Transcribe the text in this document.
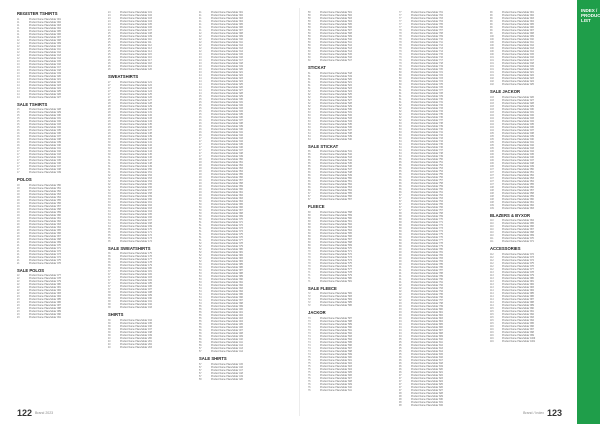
REGISTER TSHIRTS
11	Product Name Placeholder 001
11	Product Name Placeholder 002
11	Product Name Placeholder 003
11	Product Name Placeholder 004
11	Product Name Placeholder 005
11	Product Name Placeholder 006
11	Product Name Placeholder 007
12	Product Name Placeholder 008
12	Product Name Placeholder 009
12	Product Name Placeholder 010
12	Product Name Placeholder 011
12	Product Name Placeholder 012
12	Product Name Placeholder 013
12	Product Name Placeholder 014
13	Product Name Placeholder 015
13	Product Name Placeholder 016
13	Product Name Placeholder 017
13	Product Name Placeholder 018
13	Product Name Placeholder 019
13	Product Name Placeholder 020
14	Product Name Placeholder 021
14	Product Name Placeholder 022
14	Product Name Placeholder 023
14	Product Name Placeholder 024
14	Product Name Placeholder 025
14	Product Name Placeholder 026
14	Product Name Placeholder 027
SALE TSHIRTS
15	Product Name Placeholder 028
15	Product Name Placeholder 029
15	Product Name Placeholder 030
15	Product Name Placeholder 031
15	Product Name Placeholder 032
15	Product Name Placeholder 033
15	Product Name Placeholder 034
16	Product Name Placeholder 035
16	Product Name Placeholder 036
16	Product Name Placeholder 037
16	Product Name Placeholder 038
16	Product Name Placeholder 039
16	Product Name Placeholder 040
16	Product Name Placeholder 041
17	Product Name Placeholder 042
17	Product Name Placeholder 043
17	Product Name Placeholder 044
17	Product Name Placeholder 045
17	Product Name Placeholder 046
17	Product Name Placeholder 047
17	Product Name Placeholder 048
17	Product Name Placeholder 049
POLOS
18	Product Name Placeholder 050
18	Product Name Placeholder 051
18	Product Name Placeholder 052
18	Product Name Placeholder 053
18	Product Name Placeholder 054
18	Product Name Placeholder 055
19	Product Name Placeholder 056
19	Product Name Placeholder 057
19	Product Name Placeholder 058
19	Product Name Placeholder 059
19	Product Name Placeholder 060
19	Product Name Placeholder 061
19	Product Name Placeholder 062
20	Product Name Placeholder 063
20	Product Name Placeholder 064
20	Product Name Placeholder 065
20	Product Name Placeholder 066
20	Product Name Placeholder 067
20	Product Name Placeholder 068
21	Product Name Placeholder 069
21	Product Name Placeholder 070
21	Product Name Placeholder 071
21	Product Name Placeholder 072
21	Product Name Placeholder 073
21	Product Name Placeholder 074
21	Product Name Placeholder 075
21	Product Name Placeholder 076
SALE POLOS
22	Product Name Placeholder 077
22	Product Name Placeholder 078
22	Product Name Placeholder 079
22	Product Name Placeholder 080
22	Product Name Placeholder 081
22	Product Name Placeholder 082
22	Product Name Placeholder 083
23	Product Name Placeholder 084
23	Product Name Placeholder 085
23	Product Name Placeholder 086
23	Product Name Placeholder 087
23	Product Name Placeholder 088
23	Product Name Placeholder 089
23	Product Name Placeholder 090
23	Product Name Placeholder 091
24	Product Name Placeholder 101
24	Product Name Placeholder 102
24	Product Name Placeholder 103
24	Product Name Placeholder 104
24	Product Name Placeholder 105
24	Product Name Placeholder 106
24	Product Name Placeholder 107
25	Product Name Placeholder 108
25	Product Name Placeholder 109
25	Product Name Placeholder 110
25	Product Name Placeholder 111
25	Product Name Placeholder 112
25	Product Name Placeholder 113
25	Product Name Placeholder 114
25	Product Name Placeholder 115
26	Product Name Placeholder 116
26	Product Name Placeholder 117
26	Product Name Placeholder 118
26	Product Name Placeholder 119
26	Product Name Placeholder 120
SWEATSHIRTS
27	Product Name Placeholder 121
27	Product Name Placeholder 122
27	Product Name Placeholder 123
27	Product Name Placeholder 124
27	Product Name Placeholder 125
27	Product Name Placeholder 126
28	Product Name Placeholder 127
28	Product Name Placeholder 128
28	Product Name Placeholder 129
28	Product Name Placeholder 130
28	Product Name Placeholder 131
28	Product Name Placeholder 132
28	Product Name Placeholder 133
29	Product Name Placeholder 134
29	Product Name Placeholder 135
29	Product Name Placeholder 136
29	Product Name Placeholder 137
29	Product Name Placeholder 138
29	Product Name Placeholder 139
30	Product Name Placeholder 140
30	Product Name Placeholder 141
30	Product Name Placeholder 142
30	Product Name Placeholder 143
30	Product Name Placeholder 144
30	Product Name Placeholder 145
31	Product Name Placeholder 146
31	Product Name Placeholder 147
31	Product Name Placeholder 148
31	Product Name Placeholder 149
31	Product Name Placeholder 150
31	Product Name Placeholder 151
32	Product Name Placeholder 152
32	Product Name Placeholder 153
32	Product Name Placeholder 154
32	Product Name Placeholder 155
32	Product Name Placeholder 156
32	Product Name Placeholder 157
33	Product Name Placeholder 158
33	Product Name Placeholder 159
33	Product Name Placeholder 160
33	Product Name Placeholder 161
33	Product Name Placeholder 162
33	Product Name Placeholder 163
34	Product Name Placeholder 164
34	Product Name Placeholder 165
34	Product Name Placeholder 166
34	Product Name Placeholder 167
34	Product Name Placeholder 168
34	Product Name Placeholder 169
35	Product Name Placeholder 170
35	Product Name Placeholder 171
35	Product Name Placeholder 172
35	Product Name Placeholder 173
35	Product Name Placeholder 174
SALE SWEATSHIRTS
36	Product Name Placeholder 175
36	Product Name Placeholder 176
36	Product Name Placeholder 177
36	Product Name Placeholder 178
36	Product Name Placeholder 179
36	Product Name Placeholder 180
37	Product Name Placeholder 181
37	Product Name Placeholder 182
37	Product Name Placeholder 183
37	Product Name Placeholder 184
37	Product Name Placeholder 185
37	Product Name Placeholder 186
37	Product Name Placeholder 187
38	Product Name Placeholder 188
38	Product Name Placeholder 189
38	Product Name Placeholder 190
38	Product Name Placeholder 191
38	Product Name Placeholder 192
38	Product Name Placeholder 193
SHIRTS
39	Product Name Placeholder 194
39	Product Name Placeholder 195
39	Product Name Placeholder 196
39	Product Name Placeholder 197
39	Product Name Placeholder 198
39	Product Name Placeholder 199
40	Product Name Placeholder 200
40	Product Name Placeholder 201
40	Product Name Placeholder 202
40	Product Name Placeholder 203
41	Product Name Placeholder 301
41	Product Name Placeholder 302
41	Product Name Placeholder 303
41	Product Name Placeholder 304
41	Product Name Placeholder 305
41	Product Name Placeholder 306
41	Product Name Placeholder 307
42	Product Name Placeholder 308
42	Product Name Placeholder 309
42	Product Name Placeholder 310
42	Product Name Placeholder 311
42	Product Name Placeholder 312
42	Product Name Placeholder 313
42	Product Name Placeholder 314
43	Product Name Placeholder 315
43	Product Name Placeholder 316
43	Product Name Placeholder 317
43	Product Name Placeholder 318
43	Product Name Placeholder 319
43	Product Name Placeholder 320
43	Product Name Placeholder 321
44	Product Name Placeholder 322
44	Product Name Placeholder 323
44	Product Name Placeholder 324
44	Product Name Placeholder 325
44	Product Name Placeholder 326
44	Product Name Placeholder 327
44	Product Name Placeholder 328
45	Product Name Placeholder 329
45	Product Name Placeholder 330
45	Product Name Placeholder 331
45	Product Name Placeholder 332
45	Product Name Placeholder 333
45	Product Name Placeholder 334
45	Product Name Placeholder 335
46	Product Name Placeholder 336
46	Product Name Placeholder 337
46	Product Name Placeholder 338
46	Product Name Placeholder 339
46	Product Name Placeholder 340
46	Product Name Placeholder 341
46	Product Name Placeholder 342
47	Product Name Placeholder 343
47	Product Name Placeholder 344
47	Product Name Placeholder 345
47	Product Name Placeholder 346
47	Product Name Placeholder 347
47	Product Name Placeholder 348
47	Product Name Placeholder 349
48	Product Name Placeholder 350
48	Product Name Placeholder 351
48	Product Name Placeholder 352
48	Product Name Placeholder 353
48	Product Name Placeholder 354
48	Product Name Placeholder 355
48	Product Name Placeholder 356
49	Product Name Placeholder 357
49	Product Name Placeholder 358
49	Product Name Placeholder 359
49	Product Name Placeholder 360
49	Product Name Placeholder 361
49	Product Name Placeholder 362
49	Product Name Placeholder 363
50	Product Name Placeholder 364
50	Product Name Placeholder 365
50	Product Name Placeholder 366
50	Product Name Placeholder 367
50	Product Name Placeholder 368
50	Product Name Placeholder 369
50	Product Name Placeholder 370
51	Product Name Placeholder 371
51	Product Name Placeholder 372
51	Product Name Placeholder 373
51	Product Name Placeholder 374
51	Product Name Placeholder 375
51	Product Name Placeholder 376
51	Product Name Placeholder 377
52	Product Name Placeholder 378
52	Product Name Placeholder 379
52	Product Name Placeholder 380
52	Product Name Placeholder 381
52	Product Name Placeholder 382
52	Product Name Placeholder 383
52	Product Name Placeholder 384
53	Product Name Placeholder 385
53	Product Name Placeholder 386
53	Product Name Placeholder 387
53	Product Name Placeholder 388
53	Product Name Placeholder 389
53	Product Name Placeholder 390
53	Product Name Placeholder 391
54	Product Name Placeholder 392
54	Product Name Placeholder 393
54	Product Name Placeholder 394
54	Product Name Placeholder 395
54	Product Name Placeholder 396
54	Product Name Placeholder 397
54	Product Name Placeholder 398
55	Product Name Placeholder 399
55	Product Name Placeholder 400
55	Product Name Placeholder 401
55	Product Name Placeholder 402
55	Product Name Placeholder 403
55	Product Name Placeholder 404
55	Product Name Placeholder 405
56	Product Name Placeholder 406
56	Product Name Placeholder 407
56	Product Name Placeholder 408
56	Product Name Placeholder 409
56	Product Name Placeholder 410
56	Product Name Placeholder 411
56	Product Name Placeholder 412
57	Product Name Placeholder 413
57	Product Name Placeholder 414
SALE SHIRTS
57	Product Name Placeholder 415
57	Product Name Placeholder 416
57	Product Name Placeholder 417
57	Product Name Placeholder 418
57	Product Name Placeholder 419
58	Product Name Placeholder 420
122 Brand 2023
58	Product Name Placeholder 501
58	Product Name Placeholder 502
58	Product Name Placeholder 503
58	Product Name Placeholder 504
58	Product Name Placeholder 505
58	Product Name Placeholder 506
59	Product Name Placeholder 507
59	Product Name Placeholder 508
59	Product Name Placeholder 509
59	Product Name Placeholder 510
59	Product Name Placeholder 511
59	Product Name Placeholder 512
59	Product Name Placeholder 513
60	Product Name Placeholder 514
60	Product Name Placeholder 515
60	Product Name Placeholder 516
60	Product Name Placeholder 517
STICKAT
61	Product Name Placeholder 518
61	Product Name Placeholder 519
61	Product Name Placeholder 520
61	Product Name Placeholder 521
61	Product Name Placeholder 522
61	Product Name Placeholder 523
62	Product Name Placeholder 524
62	Product Name Placeholder 525
62	Product Name Placeholder 526
62	Product Name Placeholder 527
62	Product Name Placeholder 528
62	Product Name Placeholder 529
62	Product Name Placeholder 530
63	Product Name Placeholder 531
63	Product Name Placeholder 532
63	Product Name Placeholder 533
63	Product Name Placeholder 534
63	Product Name Placeholder 535
63	Product Name Placeholder 536
63	Product Name Placeholder 537
64	Product Name Placeholder 538
64	Product Name Placeholder 539
64	Product Name Placeholder 540
SALE STICKAT
65	Product Name Placeholder 541
65	Product Name Placeholder 542
65	Product Name Placeholder 543
65	Product Name Placeholder 544
65	Product Name Placeholder 545
65	Product Name Placeholder 546
65	Product Name Placeholder 547
66	Product Name Placeholder 548
66	Product Name Placeholder 549
66	Product Name Placeholder 550
66	Product Name Placeholder 551
66	Product Name Placeholder 552
66	Product Name Placeholder 553
66	Product Name Placeholder 554
67	Product Name Placeholder 555
67	Product Name Placeholder 556
67	Product Name Placeholder 557
FLEECE
68	Product Name Placeholder 558
68	Product Name Placeholder 559
68	Product Name Placeholder 560
68	Product Name Placeholder 561
68	Product Name Placeholder 562
68	Product Name Placeholder 563
69	Product Name Placeholder 564
69	Product Name Placeholder 565
69	Product Name Placeholder 566
69	Product Name Placeholder 567
69	Product Name Placeholder 568
69	Product Name Placeholder 569
69	Product Name Placeholder 570
70	Product Name Placeholder 571
70	Product Name Placeholder 572
70	Product Name Placeholder 573
70	Product Name Placeholder 574
70	Product Name Placeholder 575
70	Product Name Placeholder 576
70	Product Name Placeholder 577
71	Product Name Placeholder 578
71	Product Name Placeholder 579
71	Product Name Placeholder 580
71	Product Name Placeholder 581
SALE FLEECE
72	Product Name Placeholder 582
72	Product Name Placeholder 583
72	Product Name Placeholder 584
72	Product Name Placeholder 585
72	Product Name Placeholder 586
JACKOR
73	Product Name Placeholder 587
73	Product Name Placeholder 588
73	Product Name Placeholder 589
73	Product Name Placeholder 590
73	Product Name Placeholder 591
73	Product Name Placeholder 592
74	Product Name Placeholder 593
74	Product Name Placeholder 594
74	Product Name Placeholder 595
74	Product Name Placeholder 596
74	Product Name Placeholder 597
74	Product Name Placeholder 598
74	Product Name Placeholder 599
75	Product Name Placeholder 600
75	Product Name Placeholder 601
75	Product Name Placeholder 602
75	Product Name Placeholder 603
75	Product Name Placeholder 604
75	Product Name Placeholder 605
76	Product Name Placeholder 606
76	Product Name Placeholder 607
76	Product Name Placeholder 608
76	Product Name Placeholder 609
76	Product Name Placeholder 610
76	Product Name Placeholder 611
77	Product Name Placeholder 701
77	Product Name Placeholder 702
77	Product Name Placeholder 703
77	Product Name Placeholder 704
77	Product Name Placeholder 705
77	Product Name Placeholder 706
78	Product Name Placeholder 707
78	Product Name Placeholder 708
78	Product Name Placeholder 709
78	Product Name Placeholder 710
78	Product Name Placeholder 711
78	Product Name Placeholder 712
78	Product Name Placeholder 713
79	Product Name Placeholder 714
79	Product Name Placeholder 715
79	Product Name Placeholder 716
79	Product Name Placeholder 717
79	Product Name Placeholder 718
79	Product Name Placeholder 719
80	Product Name Placeholder 720
80	Product Name Placeholder 721
80	Product Name Placeholder 722
80	Product Name Placeholder 723
80	Product Name Placeholder 724
80	Product Name Placeholder 725
81	Product Name Placeholder 726
81	Product Name Placeholder 727
81	Product Name Placeholder 728
81	Product Name Placeholder 729
81	Product Name Placeholder 730
81	Product Name Placeholder 731
82	Product Name Placeholder 732
82	Product Name Placeholder 733
82	Product Name Placeholder 734
82	Product Name Placeholder 735
82	Product Name Placeholder 736
82	Product Name Placeholder 737
83	Product Name Placeholder 738
83	Product Name Placeholder 739
83	Product Name Placeholder 740
83	Product Name Placeholder 741
83	Product Name Placeholder 742
83	Product Name Placeholder 743
84	Product Name Placeholder 744
84	Product Name Placeholder 745
84	Product Name Placeholder 746
84	Product Name Placeholder 747
84	Product Name Placeholder 748
84	Product Name Placeholder 749
85	Product Name Placeholder 750
85	Product Name Placeholder 751
85	Product Name Placeholder 752
85	Product Name Placeholder 753
85	Product Name Placeholder 754
85	Product Name Placeholder 755
86	Product Name Placeholder 756
86	Product Name Placeholder 757
86	Product Name Placeholder 758
86	Product Name Placeholder 759
86	Product Name Placeholder 760
86	Product Name Placeholder 761
87	Product Name Placeholder 762
87	Product Name Placeholder 763
87	Product Name Placeholder 764
87	Product Name Placeholder 765
87	Product Name Placeholder 766
87	Product Name Placeholder 767
88	Product Name Placeholder 768
88	Product Name Placeholder 769
88	Product Name Placeholder 770
88	Product Name Placeholder 771
88	Product Name Placeholder 772
88	Product Name Placeholder 773
89	Product Name Placeholder 774
89	Product Name Placeholder 775
89	Product Name Placeholder 776
89	Product Name Placeholder 777
89	Product Name Placeholder 778
89	Product Name Placeholder 779
90	Product Name Placeholder 780
90	Product Name Placeholder 781
90	Product Name Placeholder 782
90	Product Name Placeholder 783
90	Product Name Placeholder 784
90	Product Name Placeholder 785
91	Product Name Placeholder 786
91	Product Name Placeholder 787
91	Product Name Placeholder 788
91	Product Name Placeholder 789
91	Product Name Placeholder 790
91	Product Name Placeholder 791
92	Product Name Placeholder 792
92	Product Name Placeholder 793
92	Product Name Placeholder 794
92	Product Name Placeholder 795
92	Product Name Placeholder 796
92	Product Name Placeholder 797
93	Product Name Placeholder 798
93	Product Name Placeholder 799
93	Product Name Placeholder 800
93	Product Name Placeholder 801
93	Product Name Placeholder 802
93	Product Name Placeholder 803
94	Product Name Placeholder 804
94	Product Name Placeholder 805
94	Product Name Placeholder 806
94	Product Name Placeholder 807
94	Product Name Placeholder 808
94	Product Name Placeholder 809
95	Product Name Placeholder 810
95	Product Name Placeholder 811
95	Product Name Placeholder 812
95	Product Name Placeholder 813
95	Product Name Placeholder 814
95	Product Name Placeholder 815
96	Product Name Placeholder 816
96	Product Name Placeholder 817
96	Product Name Placeholder 818
96	Product Name Placeholder 819
96	Product Name Placeholder 820
96	Product Name Placeholder 821
97	Product Name Placeholder 822
97	Product Name Placeholder 823
97	Product Name Placeholder 824
97	Product Name Placeholder 825
97	Product Name Placeholder 826
97	Product Name Placeholder 827
98	Product Name Placeholder 828
98	Product Name Placeholder 829
98	Product Name Placeholder 830
98	Product Name Placeholder 831
98	Product Name Placeholder 832
99	Product Name Placeholder 901
99	Product Name Placeholder 902
99	Product Name Placeholder 903
99	Product Name Placeholder 904
99	Product Name Placeholder 905
99	Product Name Placeholder 906
99	Product Name Placeholder 907
99	Product Name Placeholder 908
100	Product Name Placeholder 909
100	Product Name Placeholder 910
100	Product Name Placeholder 911
100	Product Name Placeholder 912
100	Product Name Placeholder 913
100	Product Name Placeholder 914
100	Product Name Placeholder 915
101	Product Name Placeholder 916
101	Product Name Placeholder 917
101	Product Name Placeholder 918
101	Product Name Placeholder 919
101	Product Name Placeholder 920
101	Product Name Placeholder 921
101	Product Name Placeholder 922
102	Product Name Placeholder 923
102	Product Name Placeholder 924
102	Product Name Placeholder 925
SALE JACKOR
103	Product Name Placeholder 926
103	Product Name Placeholder 927
103	Product Name Placeholder 928
103	Product Name Placeholder 929
103	Product Name Placeholder 930
103	Product Name Placeholder 931
104	Product Name Placeholder 932
104	Product Name Placeholder 933
104	Product Name Placeholder 934
104	Product Name Placeholder 935
104	Product Name Placeholder 936
104	Product Name Placeholder 937
105	Product Name Placeholder 938
105	Product Name Placeholder 939
105	Product Name Placeholder 940
105	Product Name Placeholder 941
105	Product Name Placeholder 942
105	Product Name Placeholder 943
106	Product Name Placeholder 944
106	Product Name Placeholder 945
106	Product Name Placeholder 946
106	Product Name Placeholder 947
106	Product Name Placeholder 948
106	Product Name Placeholder 949
107	Product Name Placeholder 950
107	Product Name Placeholder 951
107	Product Name Placeholder 952
107	Product Name Placeholder 953
107	Product Name Placeholder 954
107	Product Name Placeholder 955
108	Product Name Placeholder 956
108	Product Name Placeholder 957
108	Product Name Placeholder 958
108	Product Name Placeholder 959
108	Product Name Placeholder 960
108	Product Name Placeholder 961
109	Product Name Placeholder 962
109	Product Name Placeholder 963
BLAZERS & BYXOR
110	Product Name Placeholder 964
110	Product Name Placeholder 965
110	Product Name Placeholder 966
110	Product Name Placeholder 967
110	Product Name Placeholder 968
110	Product Name Placeholder 969
111	Product Name Placeholder 970
111	Product Name Placeholder 971
ACCESSORIES
112	Product Name Placeholder 972
112	Product Name Placeholder 973
112	Product Name Placeholder 974
112	Product Name Placeholder 975
112	Product Name Placeholder 976
112	Product Name Placeholder 977
113	Product Name Placeholder 978
113	Product Name Placeholder 979
113	Product Name Placeholder 980
113	Product Name Placeholder 981
113	Product Name Placeholder 982
113	Product Name Placeholder 983
114	Product Name Placeholder 984
114	Product Name Placeholder 985
114	Product Name Placeholder 986
114	Product Name Placeholder 987
114	Product Name Placeholder 988
114	Product Name Placeholder 989
115	Product Name Placeholder 990
115	Product Name Placeholder 991
115	Product Name Placeholder 992
115	Product Name Placeholder 993
115	Product Name Placeholder 994
115	Product Name Placeholder 995
116	Product Name Placeholder 996
116	Product Name Placeholder 997
116	Product Name Placeholder 998
116	Product Name Placeholder 999
116	Product Name Placeholder 1000
116	Product Name Placeholder 1001
Brand / Index 123
INDEX / PRODUCT LIST
